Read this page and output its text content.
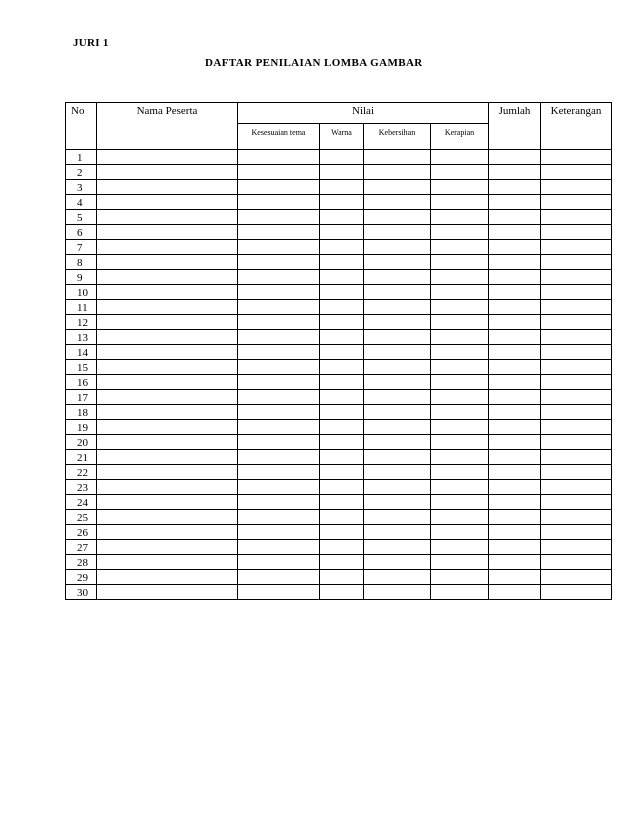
JURI 1
DAFTAR PENILAIAN LOMBA GAMBAR
No	Nama Peserta	Nilai				Jumlah	Keterangan
		Kesesuaian tema	Warna	Kebersihan	Kerapian		
1							
2							
3							
4							
5							
6							
7							
8							
9							
10							
11							
12							
13							
14							
15							
16							
17							
18							
19							
20							
21							
22							
23							
24							
25							
26							
27							
28							
29							
30							
